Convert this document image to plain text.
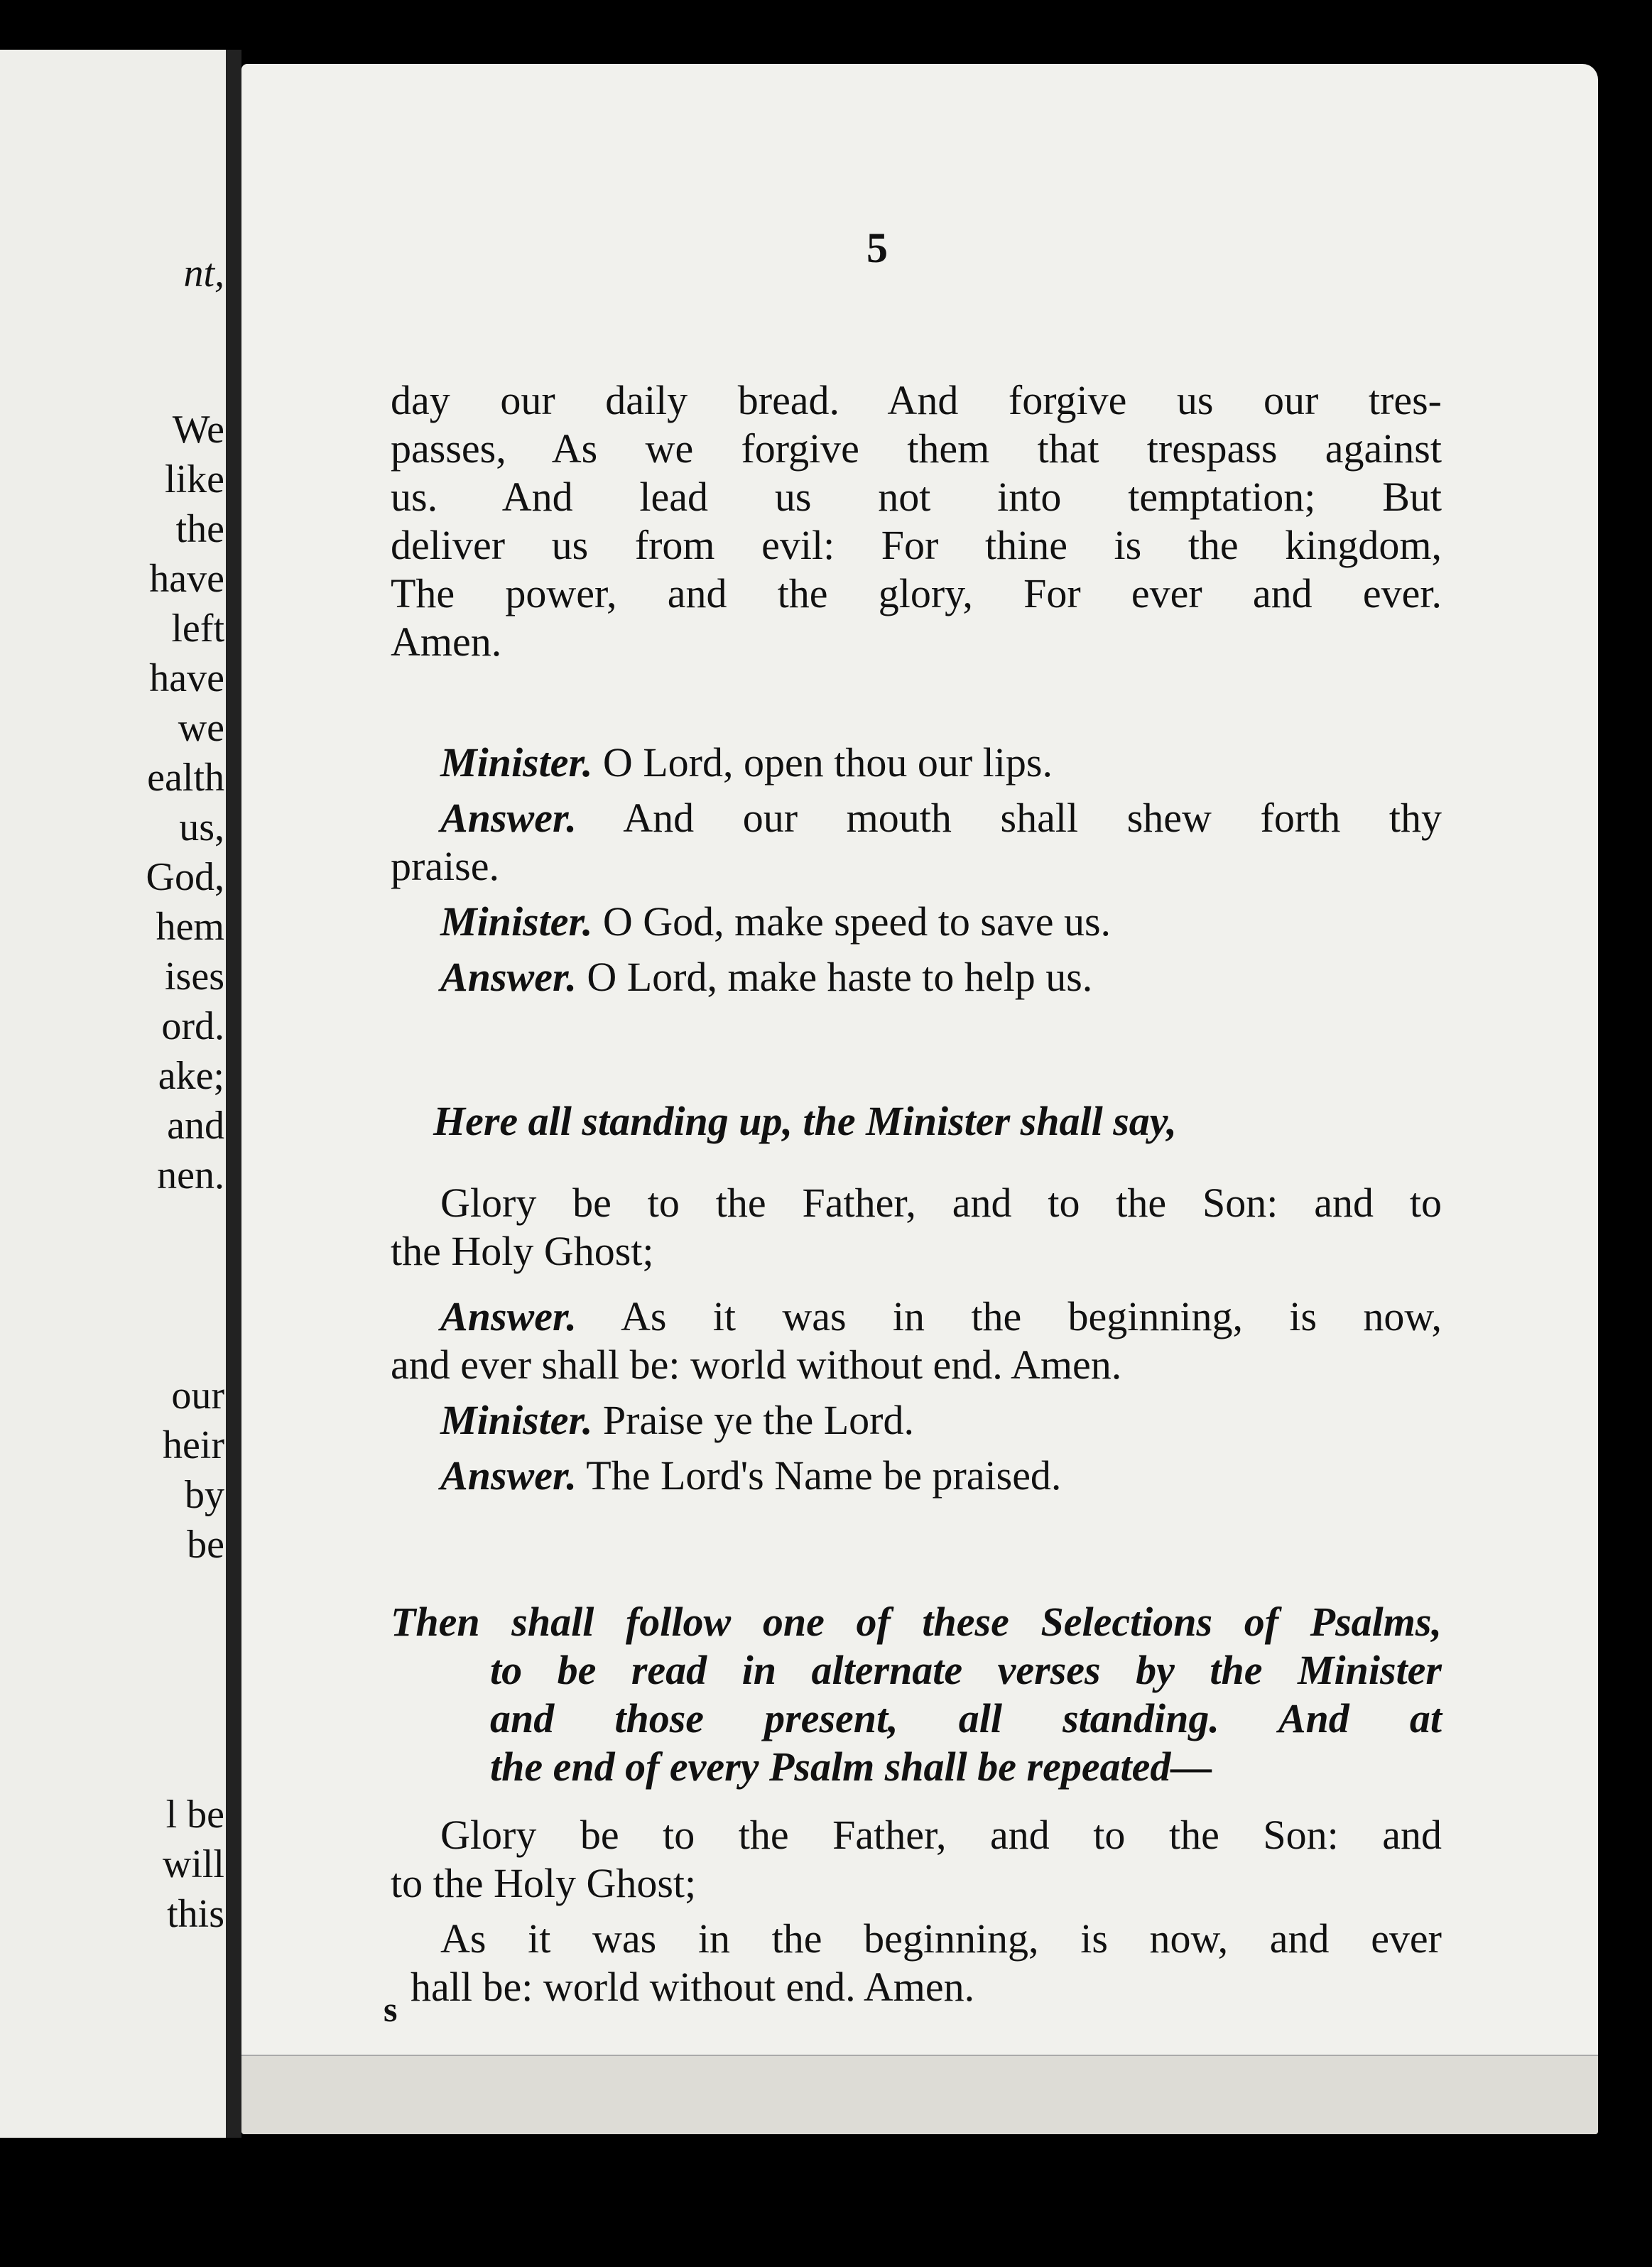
nt,
We
like
the
have
left
have
we
ealth
us,
God,
hem
ises
ord.
ake;
and
nen.
our
heir
by
be
l be
will
this
5
day our daily bread. And forgive us our tres-
passes, As we forgive them that trespass against
us. And lead us not into temptation; But
deliver us from evil: For thine is the kingdom,
The power, and the glory, For ever and ever.
Amen.
Minister. O Lord, open thou our lips.
Answer. And our mouth shall shew forth thy
praise.
Minister. O God, make speed to save us.
Answer. O Lord, make haste to help us.
Here all standing up, the Minister shall say,
Glory be to the Father, and to the Son: and to
the Holy Ghost;
Answer. As it was in the beginning, is now,
and ever shall be: world without end. Amen.
Minister. Praise ye the Lord.
Answer. The Lord's Name be praised.
Then shall follow one of these Selections of Psalms,
to be read in alternate verses by the Minister
and those present, all standing. And at
the end of every Psalm shall be repeated—
Glory be to the Father, and to the Son: and
to the Holy Ghost;
As it was in the beginning, is now, and ever
hall be: world without end. Amen.
s
